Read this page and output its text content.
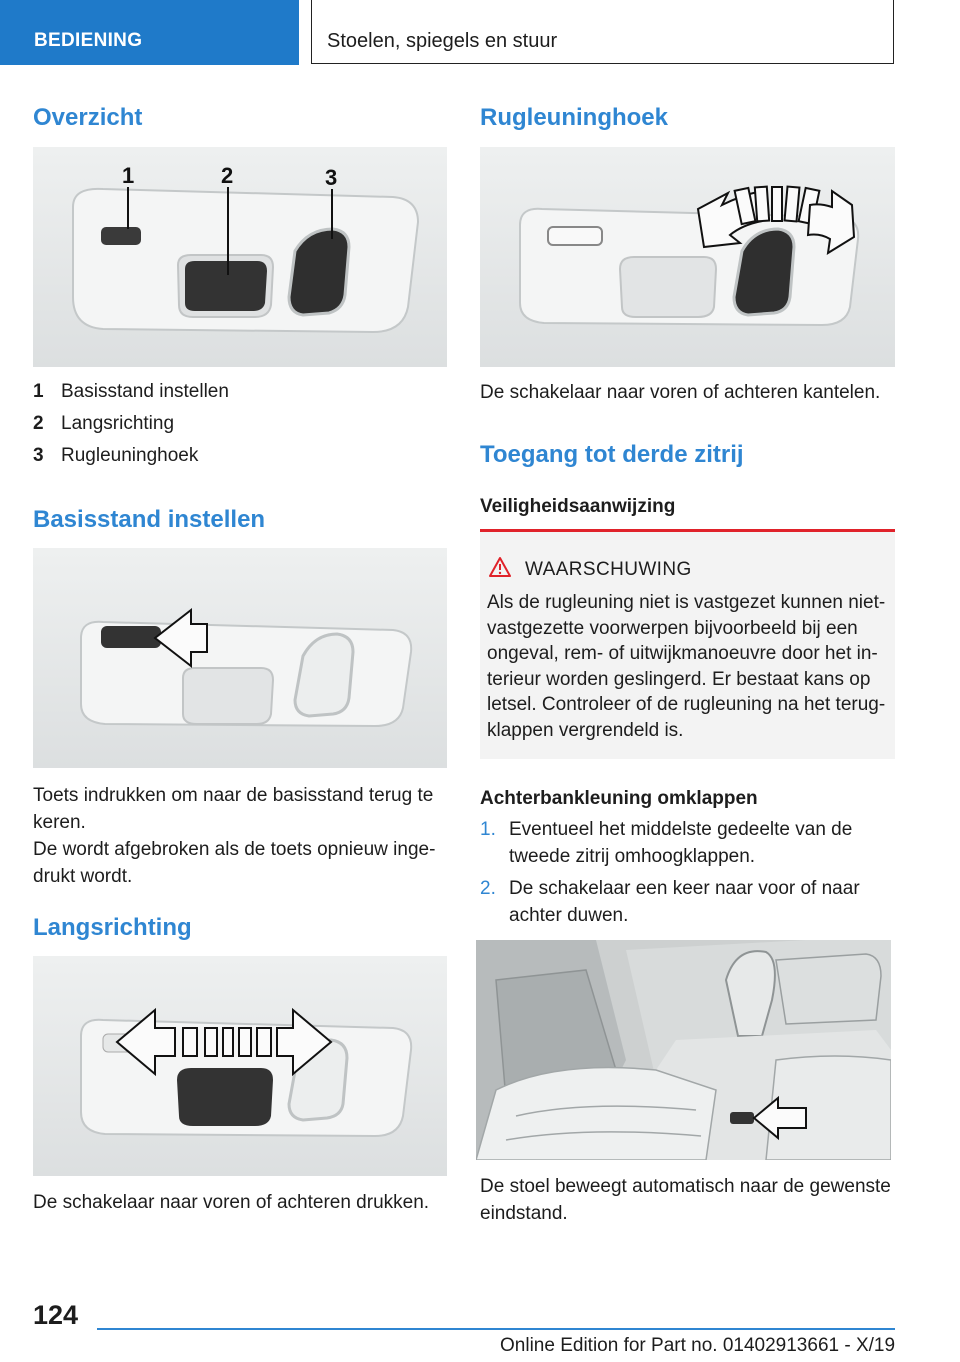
BEDIENING	Stoelen, spiegels en stuur
Overzicht
1	2	3
1 Basisstand instellen
2 Langsrichting
3 Rugleuninghoek
Basisstand instellen

Toets indrukken om naar de basisstand terug te keren.

De wordt afgebroken als de toets opnieuw ingedrukt wordt.

Langsrichting

De schakelaar naar voren of achteren drukken.

Rugleuninghoek

De schakelaar naar voren of achteren kantelen.

Toegang tot derde zitrij
Veiligheidsaanwijzing
WAARSCHUWING
Als de rugleuning niet is vastgezet kunnen nietvastgezette voorwerpen bijvoorbeeld bij een ongeval, rem- of uitwijkmanoeuvre door het interieur worden geslingerd. Er bestaat kans op letsel. Controleer of de rugleuning na het terugklappen vergrendeld is.
Achterbankleuning omklappen
1. Eventueel het middelste gedeelte van de tweede zitrij omhoogklappen.
2. De schakelaar een keer naar voor of naar achter duwen.

De stoel beweegt automatisch naar de gewenste eindstand.

124
Online Edition for Part no. 01402913661 - X/19
